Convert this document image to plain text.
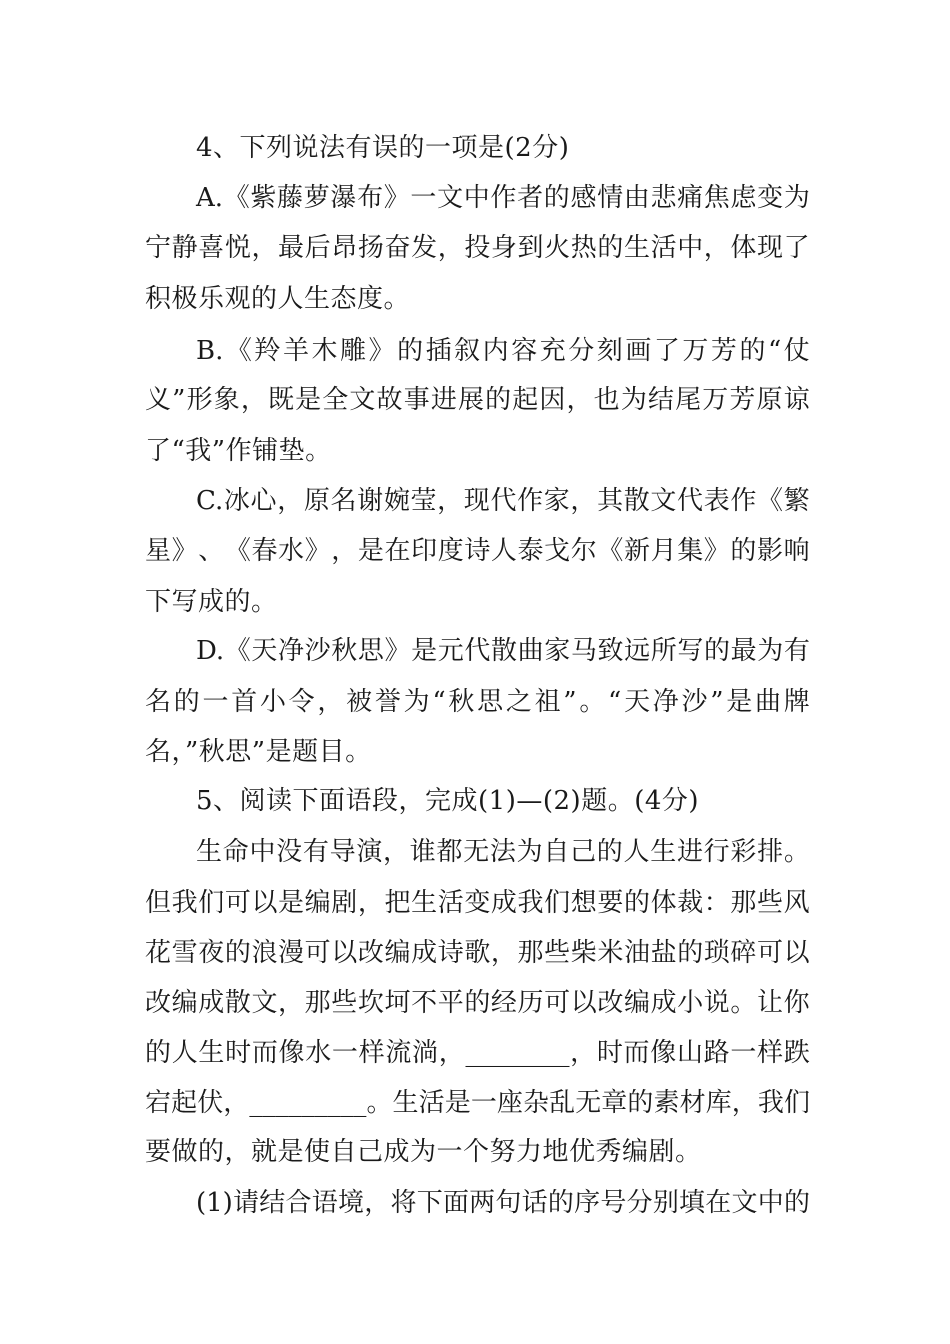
4、下列说法有误的一项是(2分)
A. 《 紫 藤 萝 瀑 布 》 一 文 中 作 者 的 感 情 由 悲 痛 焦 虑 变 为
宁 静 喜 悦 ， 最 后 昂 扬 奋 发 ， 投 身 到 火 热 的 生 活 中 ， 体 现 了
积极乐观的人生态度。
B. 《 羚 羊 木 雕 》 的 插 叙 内 容 充 分 刻 画 了 万 芳 的 “ 仗
义 ” 形 象 ， 既 是 全 文 故 事 进 展 的 起 因 ， 也 为 结 尾 万 芳 原 谅
了“我”作铺垫。
C. 冰 心 ， 原 名 谢 婉 莹 ， 现 代 作 家 ， 其 散 文 代 表 作 《 繁
星 》 、 《 春 水 》 ， 是 在 印 度 诗 人 泰 戈 尔 《 新 月 集 》 的 影 响
下写成的。
D. 《 天 净 沙 秋 思 》 是 元 代 散 曲 家 马 致 远 所 写 的 最 为 有
名 的 一 首 小 令 ， 被 誉 为 “ 秋 思 之 祖 ” 。 “ 天 净 沙 ” 是 曲 牌
名，”秋思”是题目。
5、阅读下面语段，完成(1)—(2)题。(4分)
生 命 中 没 有 导 演 ， 谁 都 无 法 为 自 己 的 人 生 进 行 彩 排 。
但 我 们 可 以 是 编 剧 ， 把 生 活 变 成 我 们 想 要 的 体 裁 ： 那 些 风
花 雪 夜 的 浪 漫 可 以 改 编 成 诗 歌 ， 那 些 柴 米 油 盐 的 琐 碎 可 以
改 编 成 散 文 ， 那 些 坎 坷 不 平 的 经 历 可 以 改 编 成 小 说 。 让 你
的 人 生 时 而 像 水 一 样 流 淌 ， ________ ， 时 而 像 山 路 一 样 跌
宕 起 伏 ， _________ 。 生 活 是 一 座 杂 乱 无 章 的 素 材 库 ， 我 们
要做的，就是使自己成为一个努力地优秀编剧。
(1) 请 结 合 语 境 ， 将 下 面 两 句 话 的 序 号 分 别 填 在 文 中 的
